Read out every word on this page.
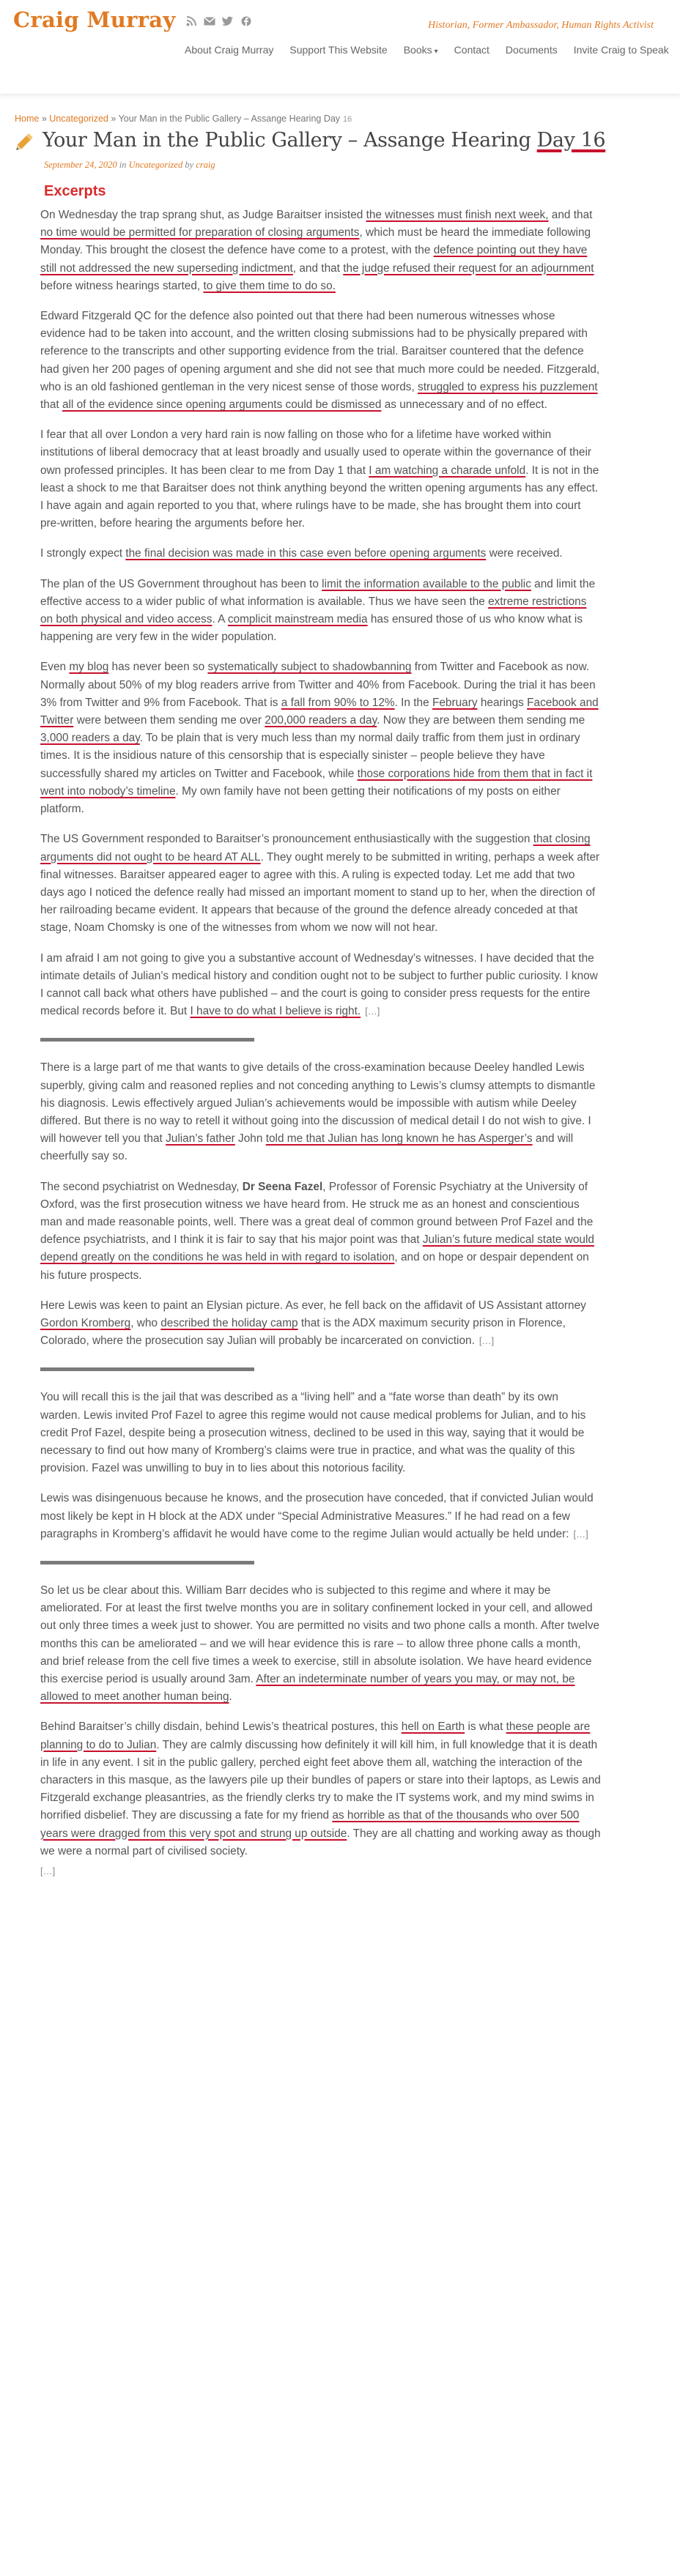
Craig Murray	Historian, Former Ambassador, Human Rights Activist
About Craig Murray	Support This Website	Books ▾	Contact	Documents	Invite Craig to Speak
Home » Uncategorized » Your Man in the Public Gallery – Assange Hearing Day 16
Your Man in the Public Gallery – Assange Hearing Day 16
September 24, 2020 in Uncategorized by craig
Excerpts

On Wednesday the trap sprang shut, as Judge Baraitser insisted the witnesses must finish next week, and that no time would be permitted for preparation of closing arguments, which must be heard the immediate following Monday. This brought the closest the defence have come to a protest, with the defence pointing out they have still not addressed the new superseding indictment, and that the judge refused their request for an adjournment before witness hearings started, to give them time to do so.

Edward Fitzgerald QC for the defence also pointed out that there had been numerous witnesses whose evidence had to be taken into account, and the written closing submissions had to be physically prepared with reference to the transcripts and other supporting evidence from the trial. Baraitser countered that the defence had given her 200 pages of opening argument and she did not see that much more could be needed. Fitzgerald, who is an old fashioned gentleman in the very nicest sense of those words, struggled to express his puzzlement that all of the evidence since opening arguments could be dismissed as unnecessary and of no effect.

I fear that all over London a very hard rain is now falling on those who for a lifetime have worked within institutions of liberal democracy that at least broadly and usually used to operate within the governance of their own professed principles. It has been clear to me from Day 1 that I am watching a charade unfold. It is not in the least a shock to me that Baraitser does not think anything beyond the written opening arguments has any effect. I have again and again reported to you that, where rulings have to be made, she has brought them into court pre-written, before hearing the arguments before her.

I strongly expect the final decision was made in this case even before opening arguments were received.

The plan of the US Government throughout has been to limit the information available to the public and limit the effective access to a wider public of what information is available. Thus we have seen the extreme restrictions on both physical and video access. A complicit mainstream media has ensured those of us who know what is happening are very few in the wider population.

Even my blog has never been so systematically subject to shadowbanning from Twitter and Facebook as now. Normally about 50% of my blog readers arrive from Twitter and 40% from Facebook. During the trial it has been 3% from Twitter and 9% from Facebook. That is a fall from 90% to 12%. In the February hearings Facebook and Twitter were between them sending me over 200,000 readers a day. Now they are between them sending me 3,000 readers a day. To be plain that is very much less than my normal daily traffic from them just in ordinary times. It is the insidious nature of this censorship that is especially sinister – people believe they have successfully shared my articles on Twitter and Facebook, while those corporations hide from them that in fact it went into nobody’s timeline. My own family have not been getting their notifications of my posts on either platform.

The US Government responded to Baraitser’s pronouncement enthusiastically with the suggestion that closing arguments did not ought to be heard AT ALL. They ought merely to be submitted in writing, perhaps a week after final witnesses. Baraitser appeared eager to agree with this. A ruling is expected today. Let me add that two days ago I noticed the defence really had missed an important moment to stand up to her, when the direction of her railroading became evident. It appears that because of the ground the defence already conceded at that stage, Noam Chomsky is one of the witnesses from whom we now will not hear.

I am afraid I am not going to give you a substantive account of Wednesday’s witnesses. I have decided that the intimate details of Julian’s medical history and condition ought not to be subject to further public curiosity. I know I cannot call back what others have published – and the court is going to consider press requests for the entire medical records before it. But I have to do what I believe is right. […]

There is a large part of me that wants to give details of the cross-examination because Deeley handled Lewis superbly, giving calm and reasoned replies and not conceding anything to Lewis’s clumsy attempts to dismantle his diagnosis. Lewis effectively argued Julian’s achievements would be impossible with autism while Deeley differed. But there is no way to retell it without going into the discussion of medical detail I do not wish to give. I will however tell you that Julian’s father John told me that Julian has long known he has Asperger’s and will cheerfully say so.

The second psychiatrist on Wednesday, Dr Seena Fazel, Professor of Forensic Psychiatry at the University of Oxford, was the first prosecution witness we have heard from. He struck me as an honest and conscientious man and made reasonable points, well. There was a great deal of common ground between Prof Fazel and the defence psychiatrists, and I think it is fair to say that his major point was that Julian’s future medical state would depend greatly on the conditions he was held in with regard to isolation, and on hope or despair dependent on his future prospects.

Here Lewis was keen to paint an Elysian picture. As ever, he fell back on the affidavit of US Assistant attorney Gordon Kromberg, who described the holiday camp that is the ADX maximum security prison in Florence, Colorado, where the prosecution say Julian will probably be incarcerated on conviction. […]

You will recall this is the jail that was described as a “living hell” and a “fate worse than death” by its own warden. Lewis invited Prof Fazel to agree this regime would not cause medical problems for Julian, and to his credit Prof Fazel, despite being a prosecution witness, declined to be used in this way, saying that it would be necessary to find out how many of Kromberg’s claims were true in practice, and what was the quality of this provision. Fazel was unwilling to buy in to lies about this notorious facility.

Lewis was disingenuous because he knows, and the prosecution have conceded, that if convicted Julian would most likely be kept in H block at the ADX under “Special Administrative Measures.” If he had read on a few paragraphs in Kromberg’s affidavit he would have come to the regime Julian would actually be held under: […]

So let us be clear about this. William Barr decides who is subjected to this regime and where it may be ameliorated. For at least the first twelve months you are in solitary confinement locked in your cell, and allowed out only three times a week just to shower. You are permitted no visits and two phone calls a month. After twelve months this can be ameliorated – and we will hear evidence this is rare – to allow three phone calls a month, and brief release from the cell five times a week to exercise, still in absolute isolation. We have heard evidence this exercise period is usually around 3am. After an indeterminate number of years you may, or may not, be allowed to meet another human being.

Behind Baraitser’s chilly disdain, behind Lewis’s theatrical postures, this hell on Earth is what these people are planning to do to Julian. They are calmly discussing how definitely it will kill him, in full knowledge that it is death in life in any event. I sit in the public gallery, perched eight feet above them all, watching the interaction of the characters in this masque, as the lawyers pile up their bundles of papers or stare into their laptops, as Lewis and Fitzgerald exchange pleasantries, as the friendly clerks try to make the IT systems work, and my mind swims in horrified disbelief. They are discussing a fate for my friend as horrible as that of the thousands who over 500 years were dragged from this very spot and strung up outside. They are all chatting and working away as though we were a normal part of civilised society.

[…]
